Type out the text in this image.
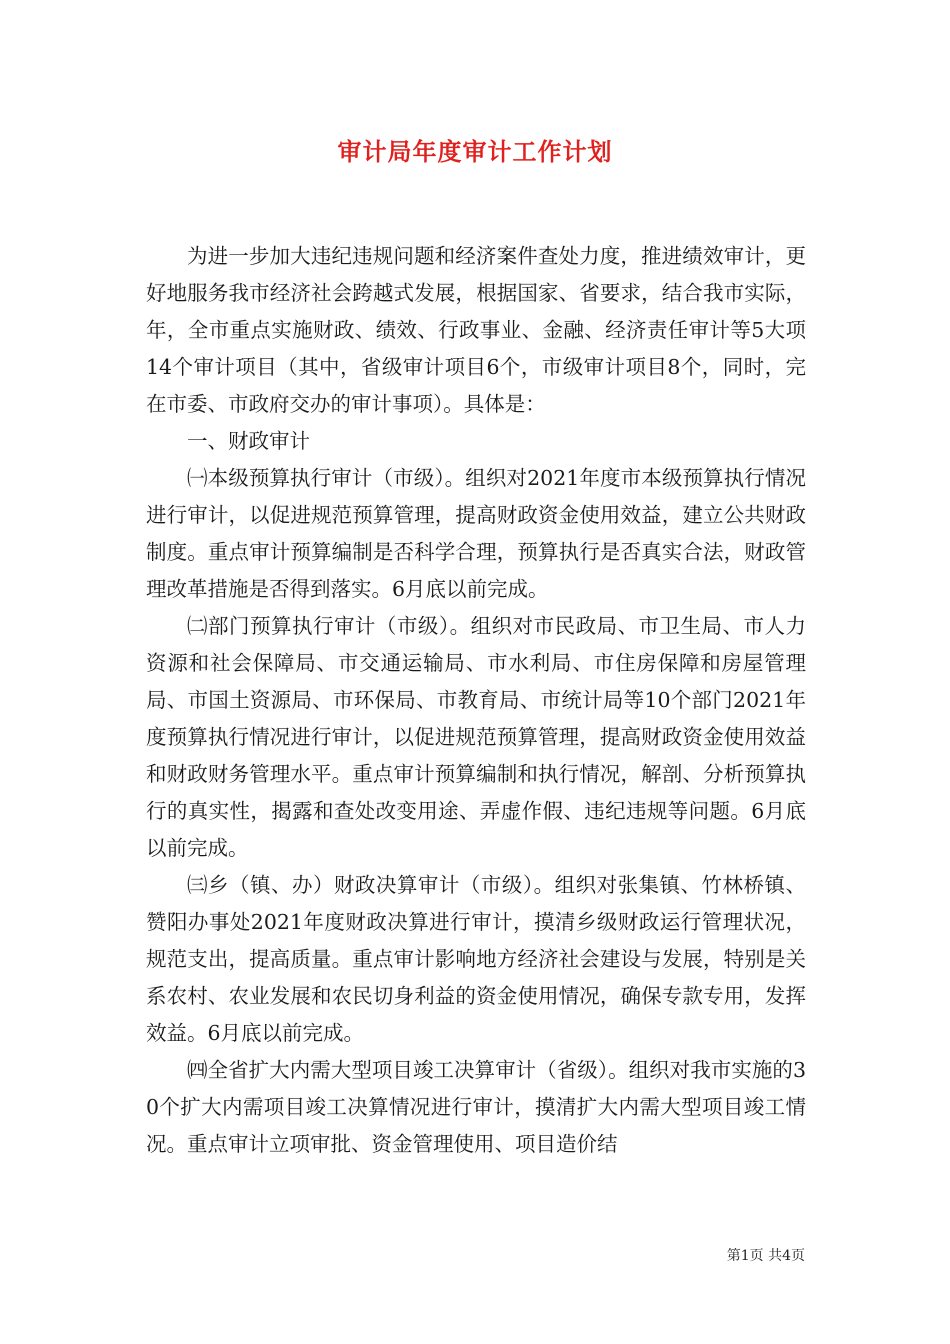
审计局年度审计工作计划

为进一步加大违纪违规问题和经济案件查处力度，推进绩效审计，更好地服务我市经济社会跨越式发展，根据国家、省要求，结合我市实际，年，全市重点实施财政、绩效、行政事业、金融、经济责任审计等5大项14个审计项目（其中，省级审计项目6个，市级审计项目8个，同时，完在市委、市政府交办的审计事项）。具体是：

一、财政审计

㈠本级预算执行审计（市级）。组织对2021年度市本级预算执行情况进行审计，以促进规范预算管理，提高财政资金使用效益，建立公共财政制度。重点审计预算编制是否科学合理，预算执行是否真实合法，财政管理改革措施是否得到落实。6月底以前完成。

㈡部门预算执行审计（市级）。组织对市民政局、市卫生局、市人力资源和社会保障局、市交通运输局、市水利局、市住房保障和房屋管理局、市国土资源局、市环保局、市教育局、市统计局等10个部门2021年度预算执行情况进行审计，以促进规范预算管理，提高财政资金使用效益和财政财务管理水平。重点审计预算编制和执行情况，解剖、分析预算执行的真实性，揭露和查处改变用途、弄虚作假、违纪违规等问题。6月底以前完成。

㈢乡（镇、办）财政决算审计（市级）。组织对张集镇、竹林桥镇、赞阳办事处2021年度财政决算进行审计，摸清乡级财政运行管理状况，规范支出，提高质量。重点审计影响地方经济社会建设与发展，特别是关系农村、农业发展和农民切身利益的资金使用情况，确保专款专用，发挥效益。6月底以前完成。

㈣全省扩大内需大型项目竣工决算审计（省级）。组织对我市实施的30个扩大内需项目竣工决算情况进行审计，摸清扩大内需大型项目竣工情况。重点审计立项审批、资金管理使用、项目造价结

第1页 共4页
